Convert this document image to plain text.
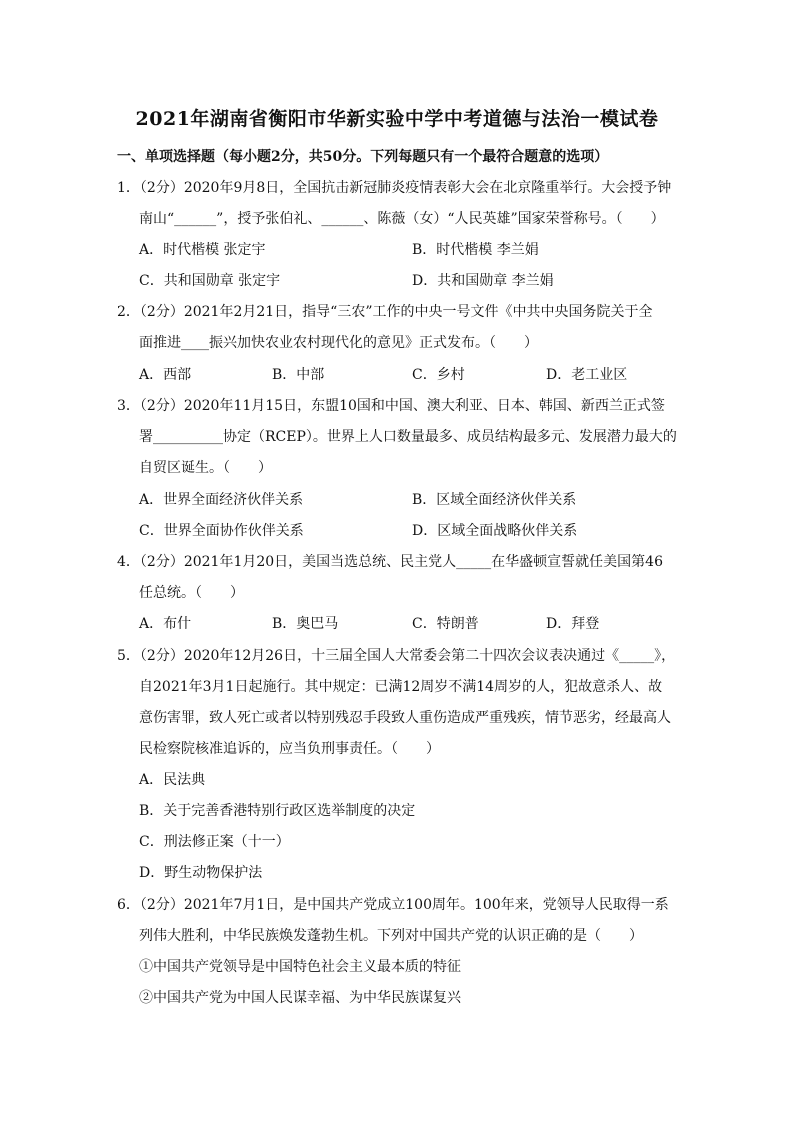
2021年湖南省衡阳市华新实验中学中考道德与法治一模试卷
一、单项选择题（每小题2分，共50分。下列每题只有一个最符合题意的选项）
1．（2分）2020年9月8日，全国抗击新冠肺炎疫情表彰大会在北京隆重举行。大会授予钟
南山“______”，授予张伯礼、______、陈薇（女）“人民英雄”国家荣誉称号。（　　）
A．时代楷模 张定宇	B．时代楷模 李兰娟
C．共和国勋章 张定宇	D．共和国勋章 李兰娟
2．（2分）2021年2月21日，指导“三农”工作的中央一号文件《中共中央国务院关于全
面推进____振兴加快农业农村现代化的意见》正式发布。（　　）
A．西部	B．中部	C．乡村	D．老工业区
3．（2分）2020年11月15日，东盟10国和中国、澳大利亚、日本、韩国、新西兰正式签
署__________协定（RCEP）。世界上人口数量最多、成员结构最多元、发展潜力最大的
自贸区诞生。（　　）
A．世界全面经济伙伴关系	B．区域全面经济伙伴关系
C．世界全面协作伙伴关系	D．区域全面战略伙伴关系
4．（2分）2021年1月20日，美国当选总统、民主党人_____在华盛顿宣誓就任美国第46
任总统。（　　）
A．布什	B．奥巴马	C．特朗普	D．拜登
5．（2分）2020年12月26日，十三届全国人大常委会第二十四次会议表决通过《_____》，
自2021年3月1日起施行。其中规定：已满12周岁不满14周岁的人，犯故意杀人、故
意伤害罪，致人死亡或者以特别残忍手段致人重伤造成严重残疾，情节恶劣，经最高人
民检察院核准追诉的，应当负刑事责任。（　　）
A．民法典
B．关于完善香港特别行政区选举制度的决定
C．刑法修正案（十一）
D．野生动物保护法
6．（2分）2021年7月1日，是中国共产党成立100周年。100年来，党领导人民取得一系
列伟大胜利，中华民族焕发蓬勃生机。下列对中国共产党的认识正确的是（　　）
①中国共产党领导是中国特色社会主义最本质的特征
②中国共产党为中国人民谋幸福、为中华民族谋复兴
